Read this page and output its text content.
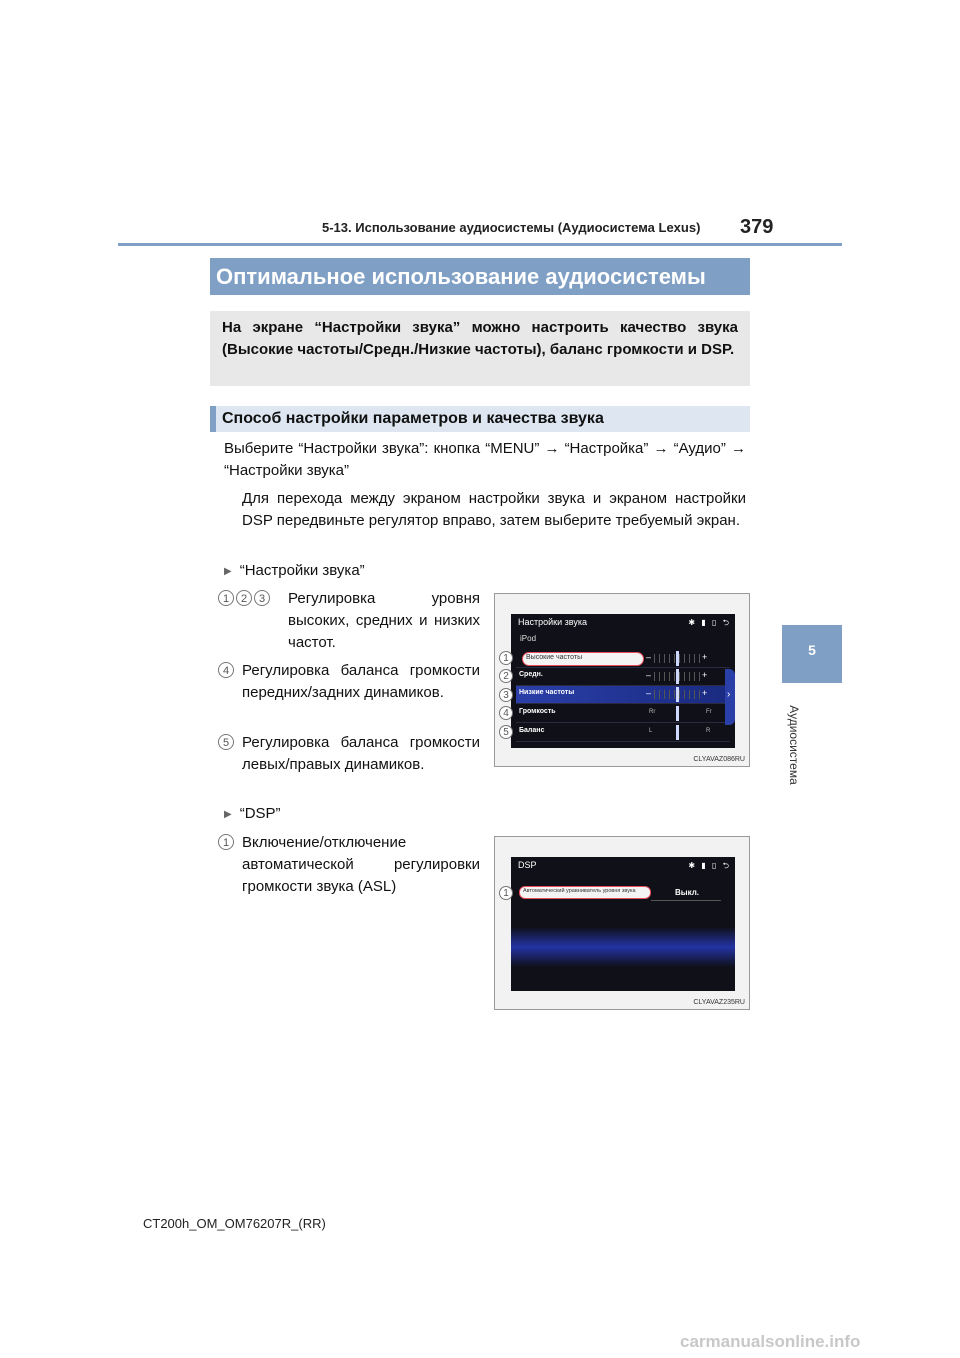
5-13. Использование аудиосистемы (Аудиосистема Lexus) 379
5
Аудиосистема
Оптимальное использование аудиосистемы
На экране “Настройки звука” можно настроить качество звука (Высокие частоты/Средн./Низкие частоты), баланс громкости и DSP.
Способ настройки параметров и качества звука
Выберите “Настройки звука”: кнопка “MENU” → “Настройка” → “Аудио” → “Настройки звука”
Для перехода между экраном настройки звука и экраном настройки DSP передвиньте регулятор вправо, затем выберите требуемый экран.
▶ “Настройки звука”
1 2 3	Регулировка уровня высоких, средних и низких частот.
4 Регулировка баланса громкости передних/задних динамиков.
5 Регулировка баланса громкости левых/правых динамиков.
▶ “DSP”
1 Включение/отключение автоматической регулировки громкости звука (ASL)
Настройки звука	✱ ▮ ▯ ⮌
iPod
Высокие частоты	–	+
Средн.	–	+
Низкие частоты	–	+
Громкость	Rr	Fr
Баланс	L	R
›
1
2
3
4
5
CLYAVAZ086RU
DSP	✱ ▮ ▯ ⮌
Автоматический уравниватель уровня звука	Выкл.
1
CLYAVAZ235RU
CT200h_OM_OM76207R_(RR)
carmanualsonline.info
